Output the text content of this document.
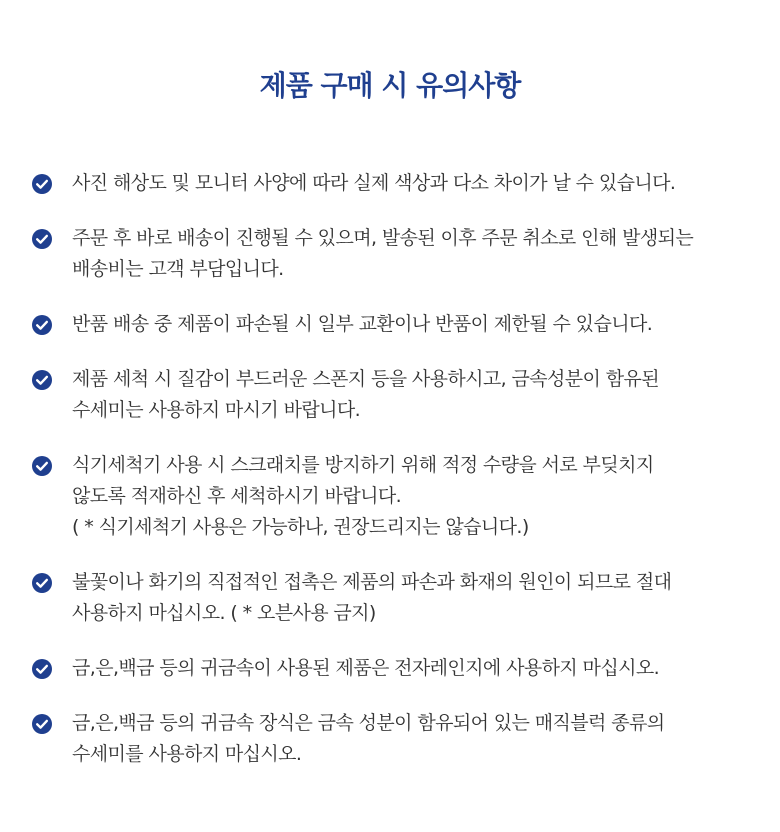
제품 구매 시 유의사항
사진 해상도 및 모니터 사양에 따라 실제 색상과 다소 차이가 날 수 있습니다.
주문 후 바로 배송이 진행될 수 있으며, 발송된 이후 주문 취소로 인해 발생되는
배송비는 고객 부담입니다.
반품 배송 중 제품이 파손될 시 일부 교환이나 반품이 제한될 수 있습니다.
제품 세척 시 질감이 부드러운 스폰지 등을 사용하시고, 금속성분이 함유된
수세미는 사용하지 마시기 바랍니다.
식기세척기 사용 시 스크래치를 방지하기 위해 적정 수량을 서로 부딪치지
않도록 적재하신 후 세척하시기 바랍니다.
( * 식기세척기 사용은 가능하나, 권장드리지는 않습니다.)
불꽃이나 화기의 직접적인 접촉은 제품의 파손과 화재의 원인이 되므로 절대
사용하지 마십시오. ( * 오븐사용 금지)
금,은,백금 등의 귀금속이 사용된 제품은 전자레인지에 사용하지 마십시오.
금,은,백금 등의 귀금속 장식은 금속 성분이 함유되어 있는 매직블럭 종류의
수세미를 사용하지 마십시오.
